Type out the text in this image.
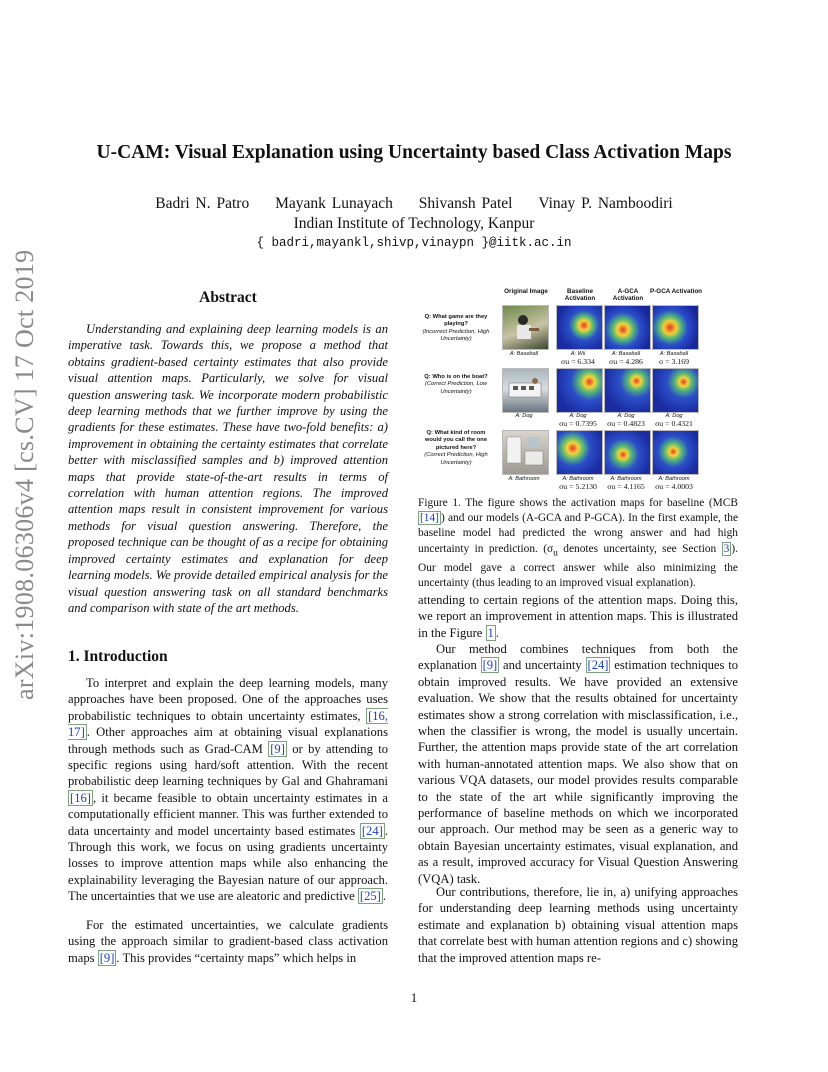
arXiv:1908.06306v4 [cs.CV] 17 Oct 2019
U-CAM: Visual Explanation using Uncertainty based Class Activation Maps
Badri N. Patro Mayank Lunayach Shivansh Patel Vinay P. Namboodiri
Indian Institute of Technology, Kanpur
{ badri,mayankl,shivp,vinaypn }@iitk.ac.in
Abstract
Understanding and explaining deep learning models is an imperative task. Towards this, we propose a method that obtains gradient-based certainty estimates that also provide visual attention maps. Particularly, we solve for visual question answering task. We incorporate modern probabilistic deep learning methods that we further improve by using the gradients for these estimates. These have two-fold benefits: a) improvement in obtaining the certainty estimates that correlate better with misclassified samples and b) improved attention maps that provide state-of-the-art results in terms of correlation with human attention regions. The improved attention maps result in consistent improvement for various methods for visual question answering. Therefore, the proposed technique can be thought of as a recipe for obtaining improved certainty estimates and explanation for deep learning models. We provide detailed empirical analysis for the visual question answering task on all standard benchmarks and comparison with state of the art methods.
1. Introduction
To interpret and explain the deep learning models, many approaches have been proposed. One of the approaches uses probabilistic techniques to obtain uncertainty estimates, [16, 17] . Other approaches aim at obtaining visual explanations through methods such as Grad-CAM [9] or by attending to specific regions using hard/soft attention. With the recent probabilistic deep learning techniques by Gal and Ghahramani [16] , it became feasible to obtain uncertainty estimates in a computationally efficient manner. This was further extended to data uncertainty and model uncertainty based estimates [24] . Through this work, we focus on using gradients uncertainty losses to improve attention maps while also enhancing the explainability leveraging the Bayesian nature of our approach. The uncertainties that we use are aleatoric and predictive [25] .
For the estimated uncertainties, we calculate gradients using the approach similar to gradient-based class activation maps [9] . This provides “certainty maps” which helps in
Original Image	Baseline Activation
A-GCA Activation
P-GCA Activation
Q: What game are they playing?
(Incorrect Prediction, High Uncertainty)
A: Baseball	A: Wii
σu = 6.334
A: Baseball
σu = 4.286
A: Baseball
σ = 3.169
Q: Who is on the boat?
(Correct Prediction, Low Uncertainty)
A: Dog	A: Dog
σu = 0.7395
A: Dog
σu = 0.4823
A: Dog
σu = 0.4321
Q: What kind of room would you call the one pictured here?
(Correct Prediction, High Uncertainty)
A: Bathroom	A: Bathroom
σu = 5.2130
A: Bathroom
σu = 4.1165
A: Bathroom
σu = 4.0003
Figure 1. The figure shows the activation maps for baseline (MCB [14] ) and our models (A-GCA and P-GCA). In the first example, the baseline model had predicted the wrong answer and had high uncertainty in prediction. ($\sigma_u$ denotes uncertainty, see Section 3 ). Our model gave a correct answer while also minimizing the uncertainty (thus leading to an improved visual explanation).
attending to certain regions of the attention maps. Doing this, we report an improvement in attention maps. This is illustrated in the Figure 1 .
Our method combines techniques from both the explanation [9] and uncertainty [24] estimation techniques to obtain improved results. We have provided an extensive evaluation. We show that the results obtained for uncertainty estimates show a strong correlation with misclassification, i.e., when the classifier is wrong, the model is usually uncertain. Further, the attention maps provide state of the art correlation with human-annotated attention maps. We also show that on various VQA datasets, our model provides results comparable to the state of the art while significantly improving the performance of baseline methods on which we incorporated our approach. Our method may be seen as a generic way to obtain Bayesian uncertainty estimates, visual explanation, and as a result, improved accuracy for Visual Question Answering (VQA) task.
Our contributions, therefore, lie in, a) unifying approaches for understanding deep learning methods using uncertainty estimate and explanation b) obtaining visual attention maps that correlate best with human attention regions and c) showing that the improved attention maps re-
1
